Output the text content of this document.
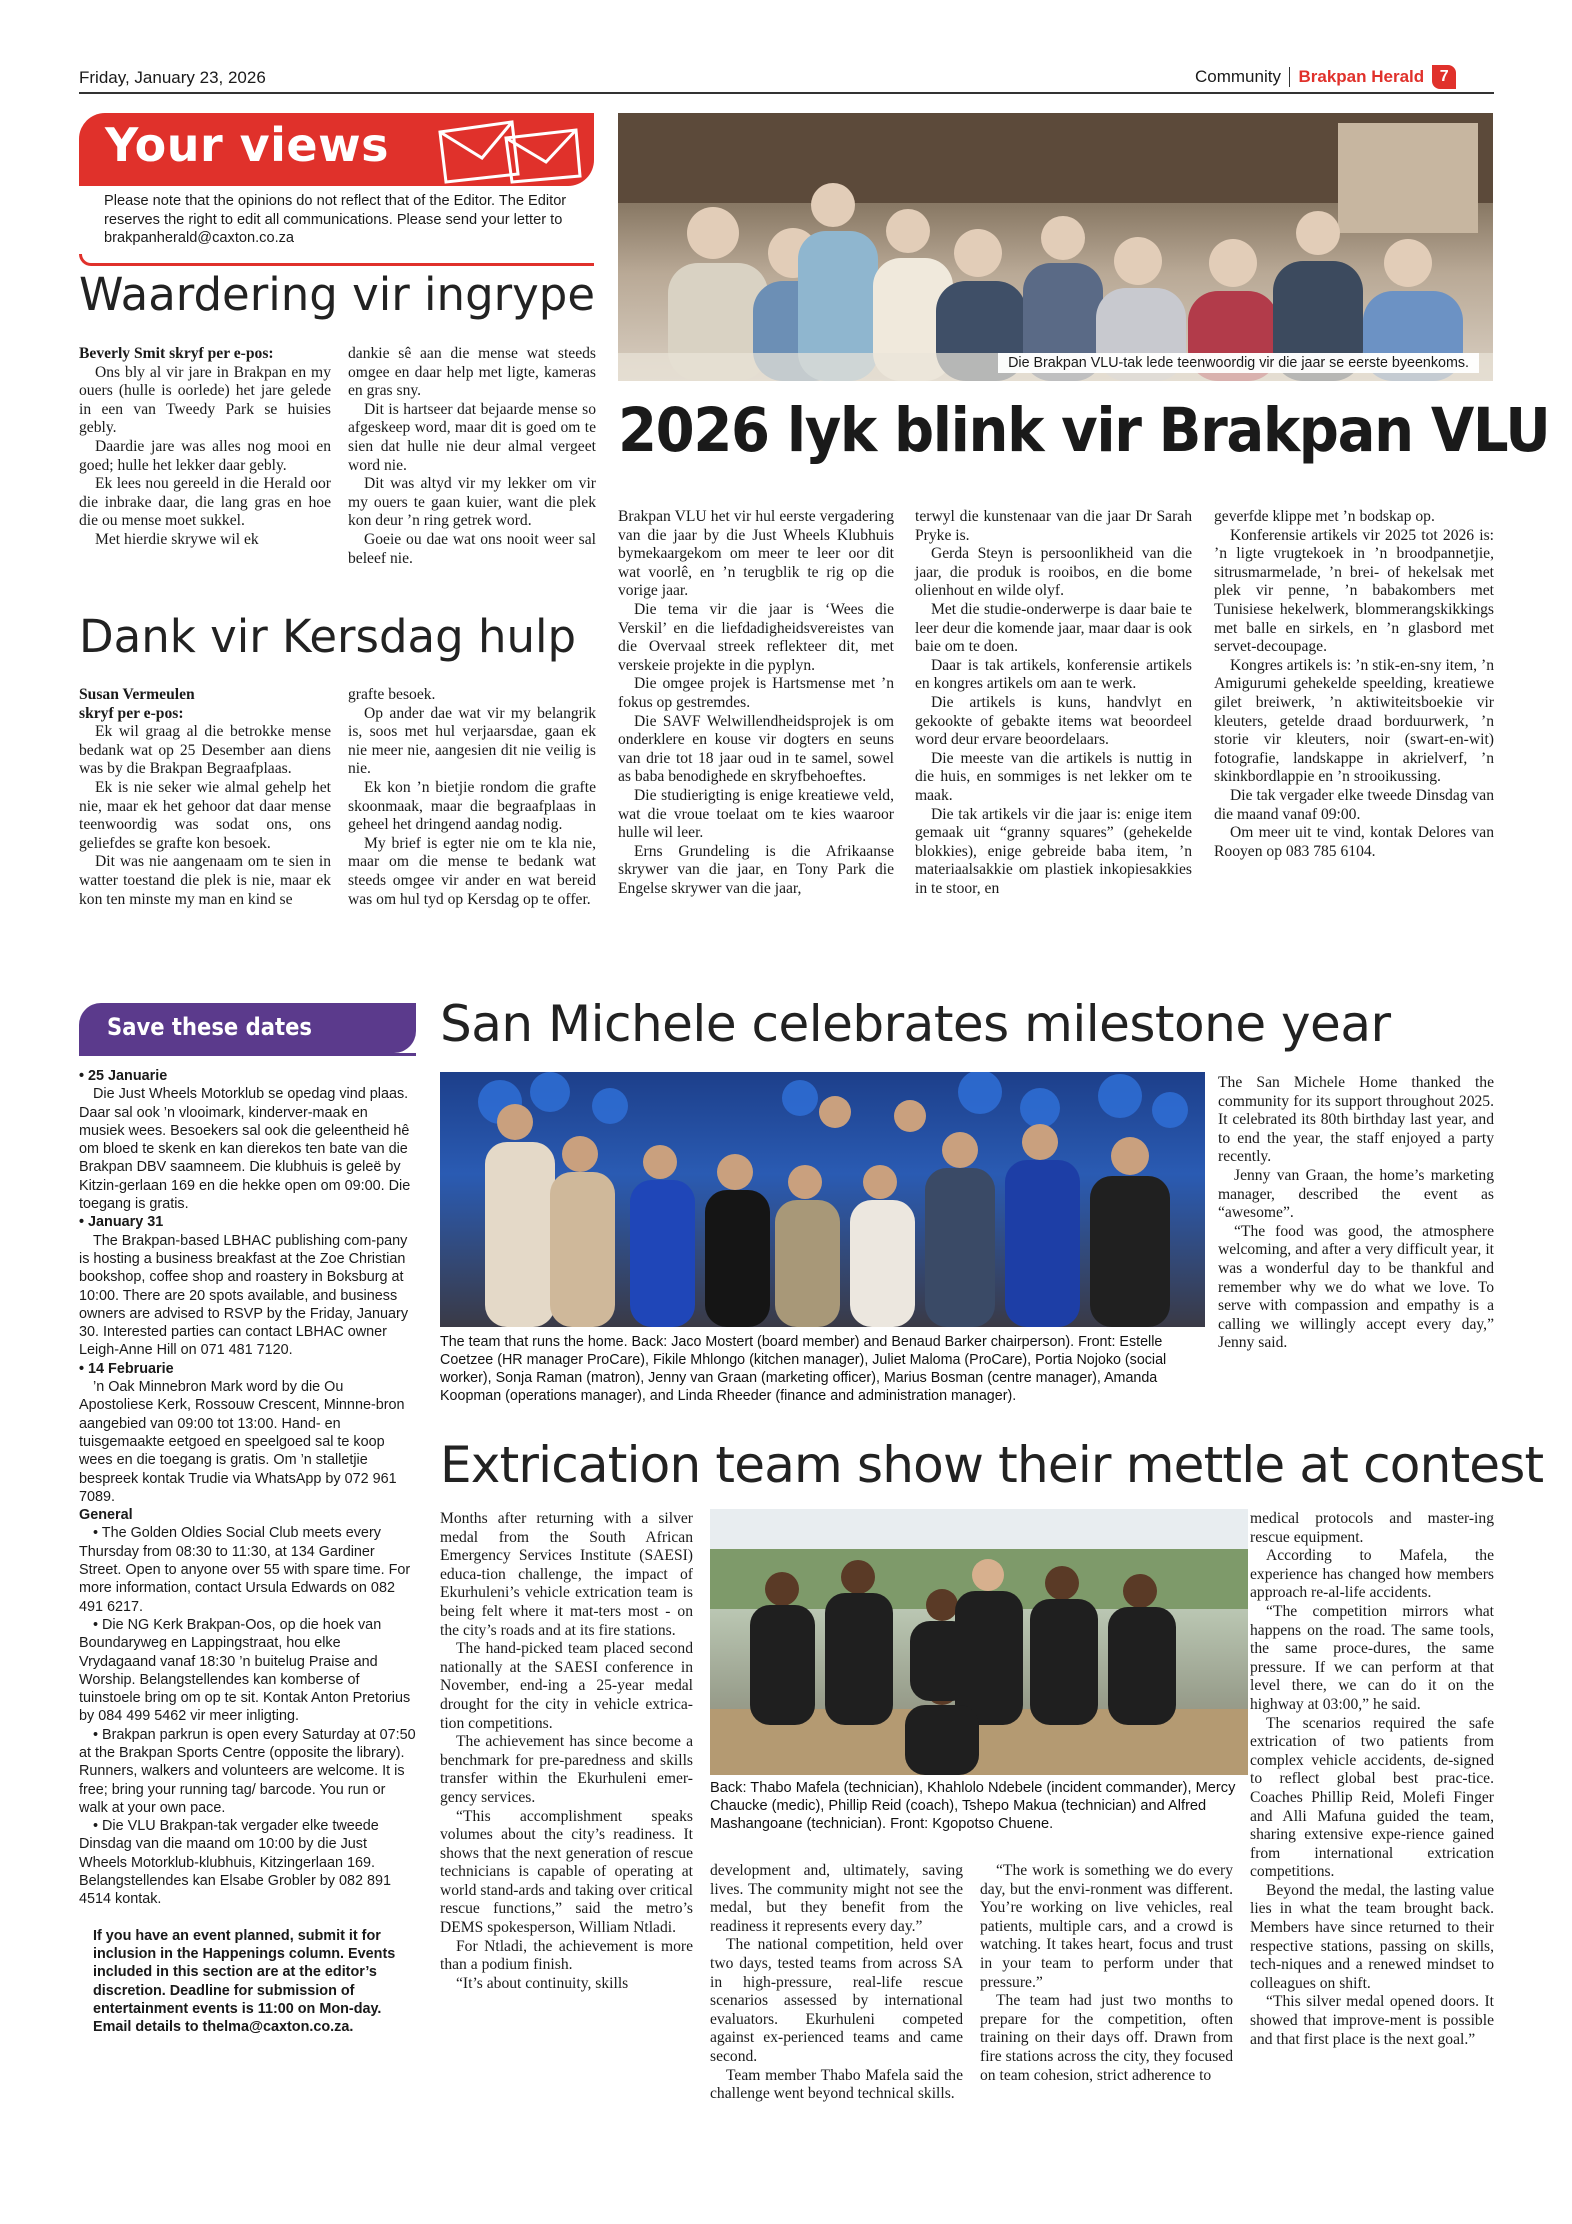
Friday, January 23, 2026	Community Brakpan Herald 7
Your views
Please note that the opinions do not reflect that of the Editor. The Editor reserves the right to edit all communications. Please send your letter to brakpanherald@caxton.co.za
Waardering vir ingrype

Beverly Smit skryf per e-pos:

Ons bly al vir jare in Brakpan en my ouers (hulle is oorlede) het jare gelede in een van Tweedy Park se huisies gebly.

Daardie jare was alles nog mooi en goed; hulle het lekker daar gebly.

Ek lees nou gereeld in die Herald oor die inbrake daar, die lang gras en hoe die ou mense moet sukkel.

Met hierdie skrywe wil ek

dankie sê aan die mense wat steeds omgee en daar help met ligte, kameras en gras sny.

Dit is hartseer dat bejaarde mense so afgeskeep word, maar dit is goed om te sien dat hulle nie deur almal vergeet word nie.

Dit was altyd vir my lekker om vir my ouers te gaan kuier, want die plek kon deur ’n ring getrek word.

Goeie ou dae wat ons nooit weer sal beleef nie.

Dank vir Kersdag hulp

Susan Vermeulen

skryf per e-pos:

Ek wil graag al die betrokke mense bedank wat op 25 Desember aan diens was by die Brakpan Begraafplaas.

Ek is nie seker wie almal gehelp het nie, maar ek het gehoor dat daar mense teenwoordig was sodat ons, ons geliefdes se grafte kon besoek.

Dit was nie aangenaam om te sien in watter toestand die plek is nie, maar ek kon ten minste my man en kind se

grafte besoek.

Op ander dae wat vir my belangrik is, soos met hul verjaarsdae, gaan ek nie meer nie, aangesien dit nie veilig is nie.

Ek kon ’n bietjie rondom die grafte skoonmaak, maar die begraafplaas in geheel het dringend aandag nodig.

My brief is egter nie om te kla nie, maar om die mense te bedank wat steeds omgee vir ander en wat bereid was om hul tyd op Kersdag op te offer.

Die Brakpan VLU-tak lede teenwoordig vir die jaar se eerste byeenkoms.
2026 lyk blink vir Brakpan VLU

Brakpan VLU het vir hul eerste vergadering van die jaar by die Just Wheels Klubhuis bymekaargekom om meer te leer oor dit wat voorlê, en ’n terugblik te rig op die vorige jaar.

Die tema vir die jaar is ‘Wees die Verskil’ en die liefdadigheidsvereistes van die Overvaal streek reflekteer dit, met verskeie projekte in die pyplyn.

Die omgee projek is Hartsmense met ’n fokus op gestremdes.

Die SAVF Welwillendheidsprojek is om onderklere en kouse vir dogters en seuns van drie tot 18 jaar oud in te samel, sowel as baba benodighede en skryfbehoeftes.

Die studierigting is enige kreatiewe veld, wat die vroue toelaat om te kies waaroor hulle wil leer.

Erns Grundeling is die Afrikaanse skrywer van die jaar, en Tony Park die Engelse skrywer van die jaar,

terwyl die kunstenaar van die jaar Dr Sarah Pryke is.

Gerda Steyn is persoonlikheid van die jaar, die produk is rooibos, en die bome olienhout en wilde olyf.

Met die studie-onderwerpe is daar baie te leer deur die komende jaar, maar daar is ook baie om te doen.

Daar is tak artikels, konferensie artikels en kongres artikels om aan te werk.

Die artikels is kuns, handvlyt en gekookte of gebakte items wat beoordeel word deur ervare beoordelaars.

Die meeste van die artikels is nuttig in die huis, en sommiges is net lekker om te maak.

Die tak artikels vir die jaar is: enige item gemaak uit “granny squares” (gehekelde blokkies), enige gebreide baba item, ’n materiaalsakkie om plastiek inkopiesakkies in te stoor, en

geverfde klippe met ’n bodskap op.

Konferensie artikels vir 2025 tot 2026 is: ’n ligte vrugtekoek in ’n broodpannetjie, sitrusmarmelade, ’n brei- of hekelsak met plek vir penne, ’n babakombers met Tunisiese hekelwerk, blommerangskikkings met balle en sirkels, en ’n glasbord met servet-decoupage.

Kongres artikels is: ’n stik-en-sny item, ’n Amigurumi gehekelde speelding, kreatiewe gilet breiwerk, ’n aktiwiteitsboekie vir kleuters, getelde draad borduurwerk, ’n storie vir kleuters, noir (swart-en-wit) fotografie, landskappe in akrielverf, ’n skinkbordlappie en ’n strooikussing.

Die tak vergader elke tweede Dinsdag van die maand vanaf 09:00.

Om meer uit te vind, kontak Delores van Rooyen op 083 785 6104.

Save these dates

• 25 Januarie

Die Just Wheels Motorklub se opedag vind plaas. Daar sal ook ’n vlooimark, kinderver-maak en musiek wees. Besoekers sal ook die geleentheid hê om bloed te skenk en kan dierekos ten bate van die Brakpan DBV saamneem. Die klubhuis is geleë by Kitzin-gerlaan 169 en die hekke open om 09:00. Die toegang is gratis.

• January 31

The Brakpan-based LBHAC publishing com-pany is hosting a business breakfast at the Zoe Christian bookshop, coffee shop and roastery in Boksburg at 10:00. There are 20 spots available, and business owners are advised to RSVP by the Friday, January 30. Interested parties can contact LBHAC owner Leigh-Anne Hill on 071 481 7120.

• 14 Februarie

’n Oak Minnebron Mark word by die Ou Apostoliese Kerk, Rossouw Crescent, Minnne-bron aangebied van 09:00 tot 13:00. Hand- en tuisgemaakte eetgoed en speelgoed sal te koop wees en die toegang is gratis. Om ’n stalletjie bespreek kontak Trudie via WhatsApp by 072 961 7089.

General

• The Golden Oldies Social Club meets every Thursday from 08:30 to 11:30, at 134 Gardiner Street. Open to anyone over 55 with spare time. For more information, contact Ursula Edwards on 082 491 6217.

• Die NG Kerk Brakpan-Oos, op die hoek van Boundaryweg en Lappingstraat, hou elke Vrydagaand vanaf 18:30 ’n buitelug Praise and Worship. Belangstellendes kan komberse of tuinstoele bring om op te sit. Kontak Anton Pretorius by 084 499 5462 vir meer inligting.

• Brakpan parkrun is open every Saturday at 07:50 at the Brakpan Sports Centre (opposite the library). Runners, walkers and volunteers are welcome. It is free; bring your running tag/ barcode. You run or walk at your own pace.

• Die VLU Brakpan-tak vergader elke tweede Dinsdag van die maand om 10:00 by die Just Wheels Motorklub-klubhuis, Kitzingerlaan 169. Belangstellendes kan Elsabe Grobler by 082 891 4514 kontak.

If you have an event planned, submit it for inclusion in the Happenings column. Events included in this section are at the editor’s discretion. Deadline for submission of entertainment events is 11:00 on Mon-day. Email details to thelma@caxton.co.za.

San Michele celebrates milestone year
The team that runs the home. Back: Jaco Mostert (board member) and Benaud Barker chairperson). Front: Estelle Coetzee (HR manager ProCare), Fikile Mhlongo (kitchen manager), Juliet Maloma (ProCare), Portia Nojoko (social worker), Sonja Raman (matron), Jenny van Graan (marketing officer), Marius Bosman (centre manager), Amanda Koopman (operations manager), and Linda Rheeder (finance and administration manager).

The San Michele Home thanked the community for its support throughout 2025. It celebrated its 80th birthday last year, and to end the year, the staff enjoyed a party recently.

Jenny van Graan, the home’s marketing manager, described the event as “awesome”.

“The food was good, the atmosphere welcoming, and after a very difficult year, it was a wonderful day to be thankful and remember why we do what we love. To serve with compassion and empathy is a calling we willingly accept every day,” Jenny said.

Extrication team show their mettle at contest

Months after returning with a silver medal from the South African Emergency Services Institute (SAESI) educa-tion challenge, the impact of Ekurhuleni’s vehicle extrication team is being felt where it mat-ters most - on the city’s roads and at its fire stations.

The hand-picked team placed second nationally at the SAESI conference in November, end-ing a 25-year medal drought for the city in vehicle extrica-tion competitions.

The achievement has since become a benchmark for pre-paredness and skills transfer within the Ekurhuleni emer-gency services.

“This accomplishment speaks volumes about the city’s readiness. It shows that the next generation of rescue technicians is capable of operating at world stand-ards and taking over critical rescue functions,” said the metro’s DEMS spokesperson, William Ntladi.

For Ntladi, the achievement is more than a podium finish.

“It’s about continuity, skills

Back: Thabo Mafela (technician), Khahlolo Ndebele (incident commander), Mercy Chaucke (medic), Phillip Reid (coach), Tshepo Makua (technician) and Alfred Mashangoane (technician). Front: Kgopotso Chuene.

development and, ultimately, saving lives. The community might not see the medal, but they benefit from the readiness it represents every day.”

The national competition, held over two days, tested teams from across SA in high-pressure, real-life rescue scenarios assessed by international evaluators. Ekurhuleni competed against ex-perienced teams and came second.

Team member Thabo Mafela said the challenge went beyond technical skills.

“The work is something we do every day, but the envi-ronment was different. You’re working on live vehicles, real patients, multiple cars, and a crowd is watching. It takes heart, focus and trust in your team to perform under that pressure.”

The team had just two months to prepare for the competition, often training on their days off. Drawn from fire stations across the city, they focused on team cohesion, strict adherence to

medical protocols and master-ing rescue equipment.

According to Mafela, the experience has changed how members approach re-al-life accidents.

“The competition mirrors what happens on the road. The same tools, the same proce-dures, the same pressure. If we can perform at that level there, we can do it on the highway at 03:00,” he said.

The scenarios required the safe extrication of two patients from complex vehicle accidents, de-signed to reflect global best prac-tice. Coaches Phillip Reid, Molefi Finger and Alli Mafuna guided the team, sharing extensive expe-rience gained from international extrication competitions.

Beyond the medal, the lasting value lies in what the team brought back. Members have since returned to their respective stations, passing on skills, tech-niques and a renewed mindset to colleagues on shift.

“This silver medal opened doors. It showed that improve-ment is possible and that first place is the next goal.”
